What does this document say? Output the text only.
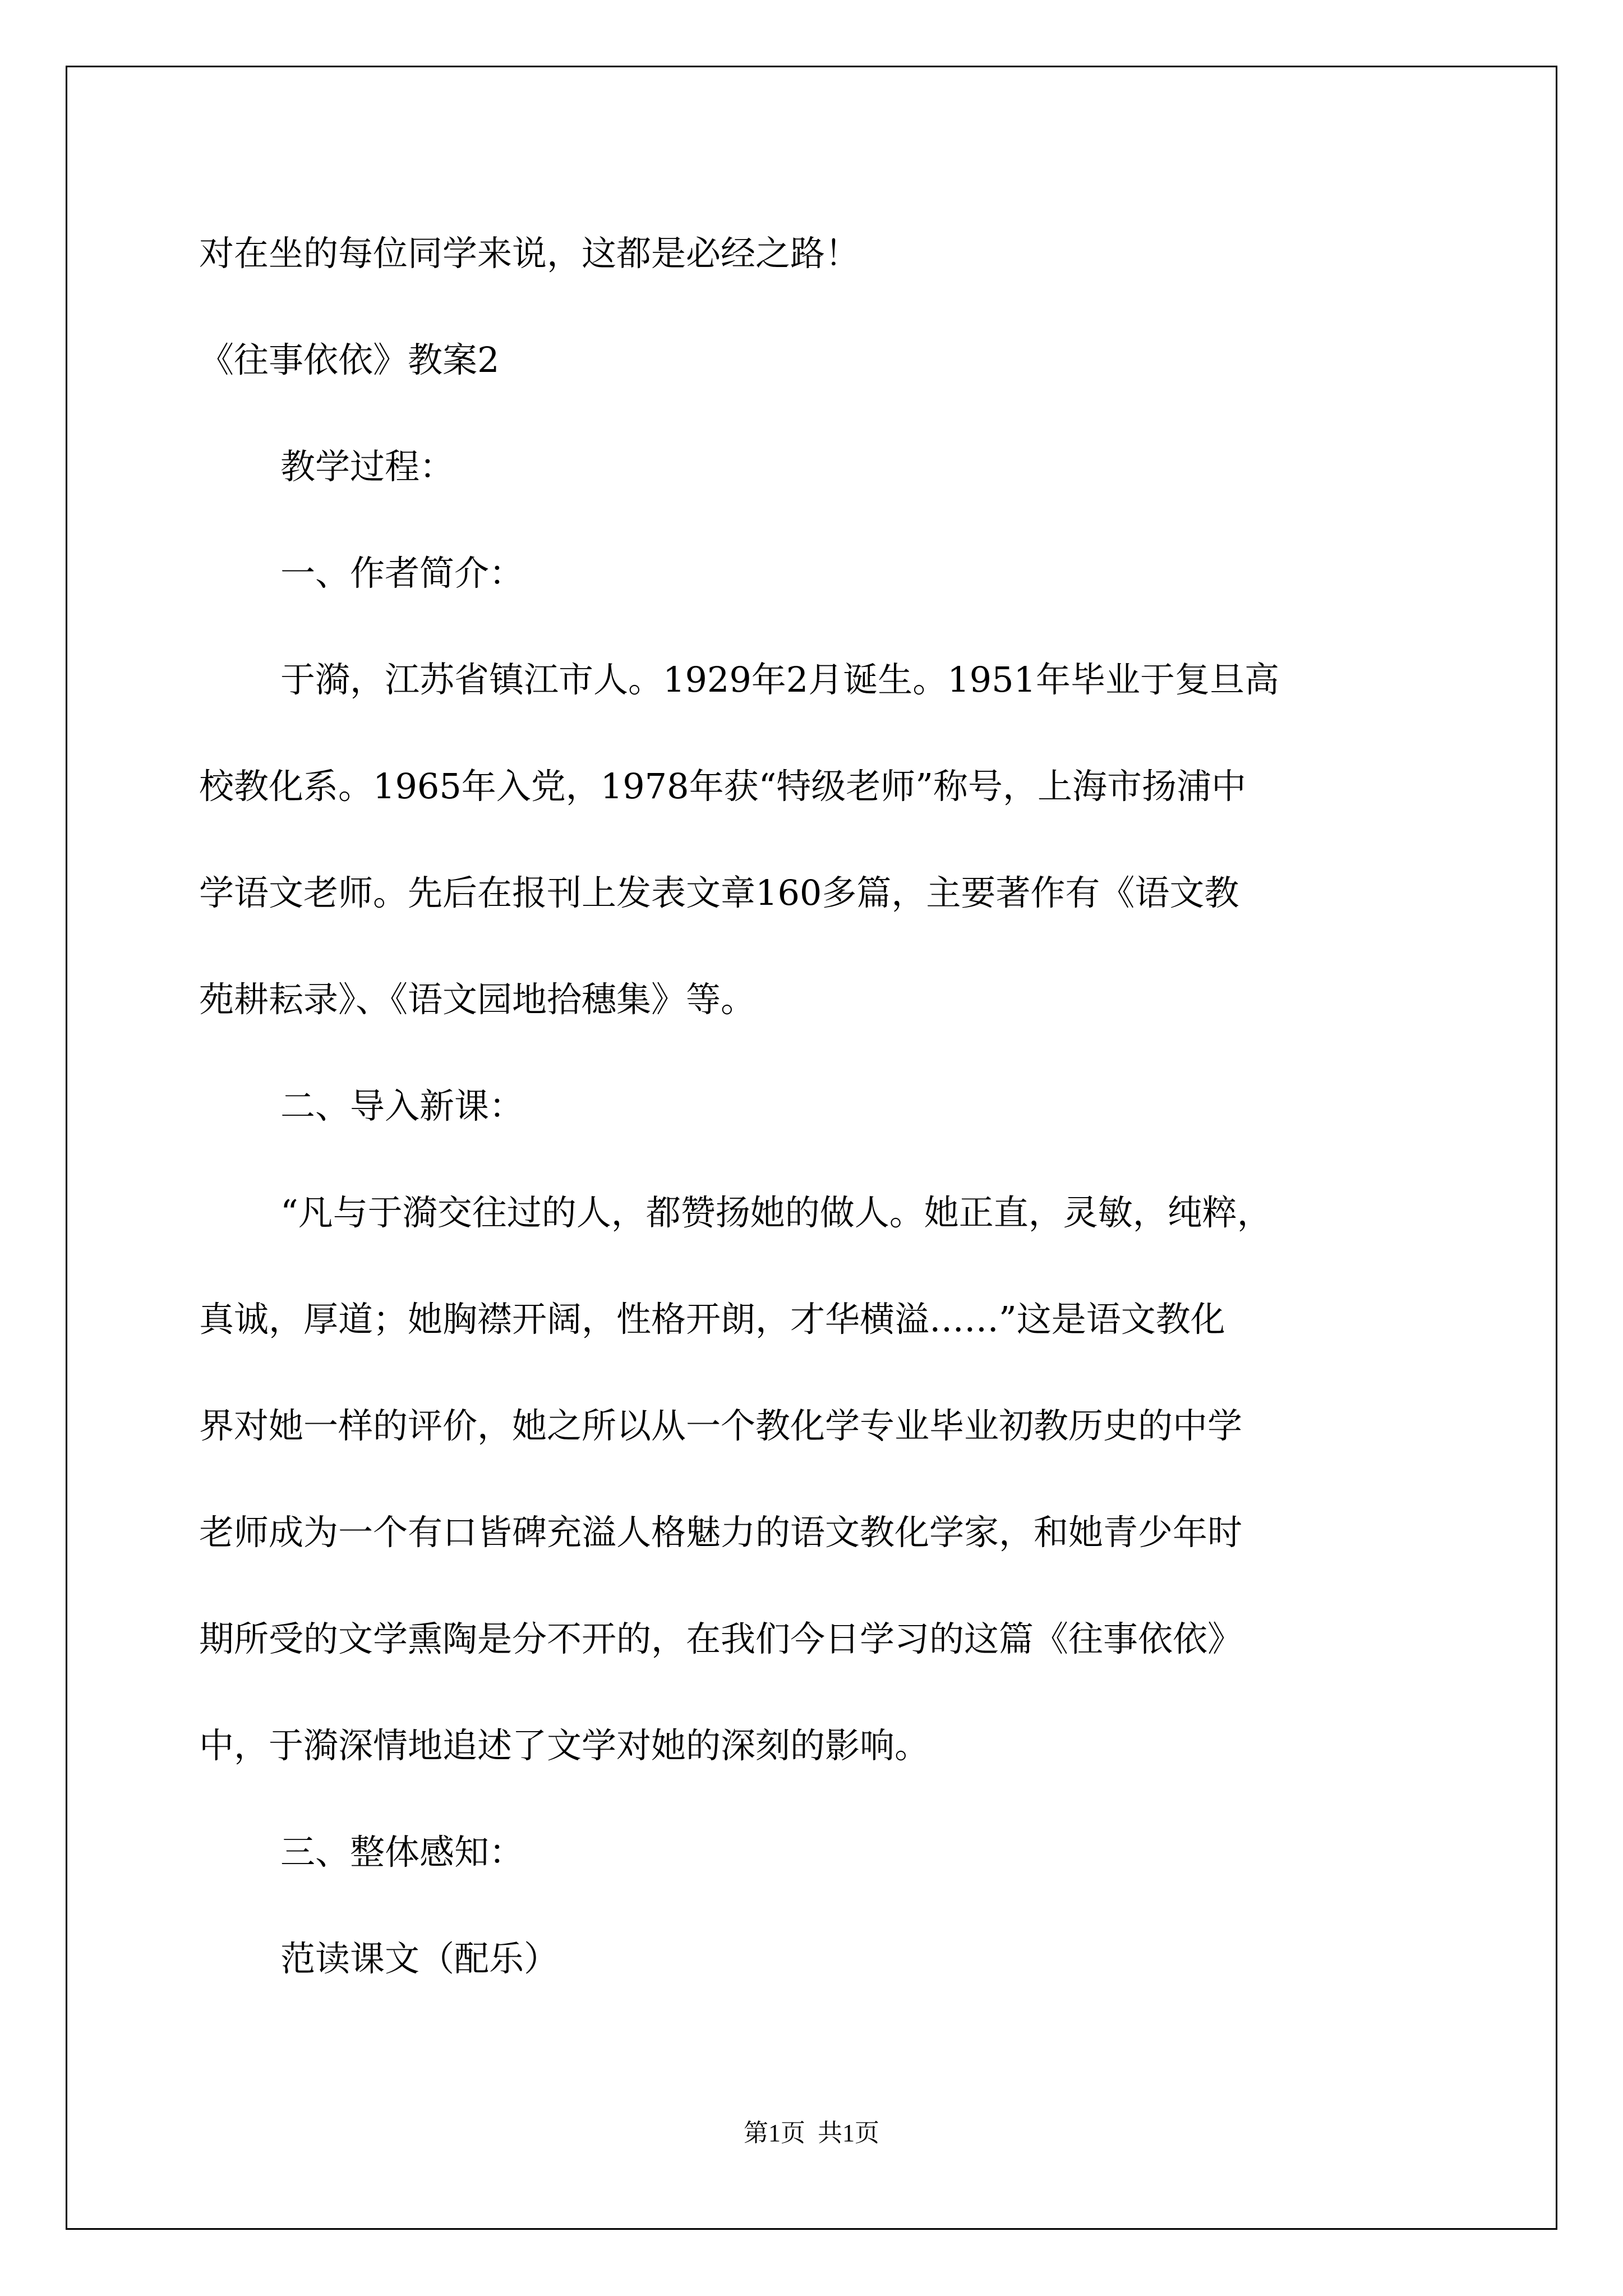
对在坐的每位同学来说，这都是必经之路！

《往事依依》教案2

教学过程：

一、作者简介：

于漪，江苏省镇江市人。1929年2月诞生。1951年毕业于复旦高

校教化系。1965年入党，1978年获“特级老师”称号，上海市扬浦中

学语文老师。先后在报刊上发表文章160多篇，主要著作有《语文教

苑耕耘录》、《语文园地拾穗集》等。

二、导入新课：

“凡与于漪交往过的人，都赞扬她的做人。她正直，灵敏，纯粹，

真诚，厚道；她胸襟开阔，性格开朗，才华横溢……”这是语文教化

界对她一样的评价，她之所以从一个教化学专业毕业初教历史的中学

老师成为一个有口皆碑充溢人格魅力的语文教化学家，和她青少年时

期所受的文学熏陶是分不开的，在我们今日学习的这篇《往事依依》

中，于漪深情地追述了文学对她的深刻的影响。

三、整体感知：

范读课文（配乐）

第1页  共1页
